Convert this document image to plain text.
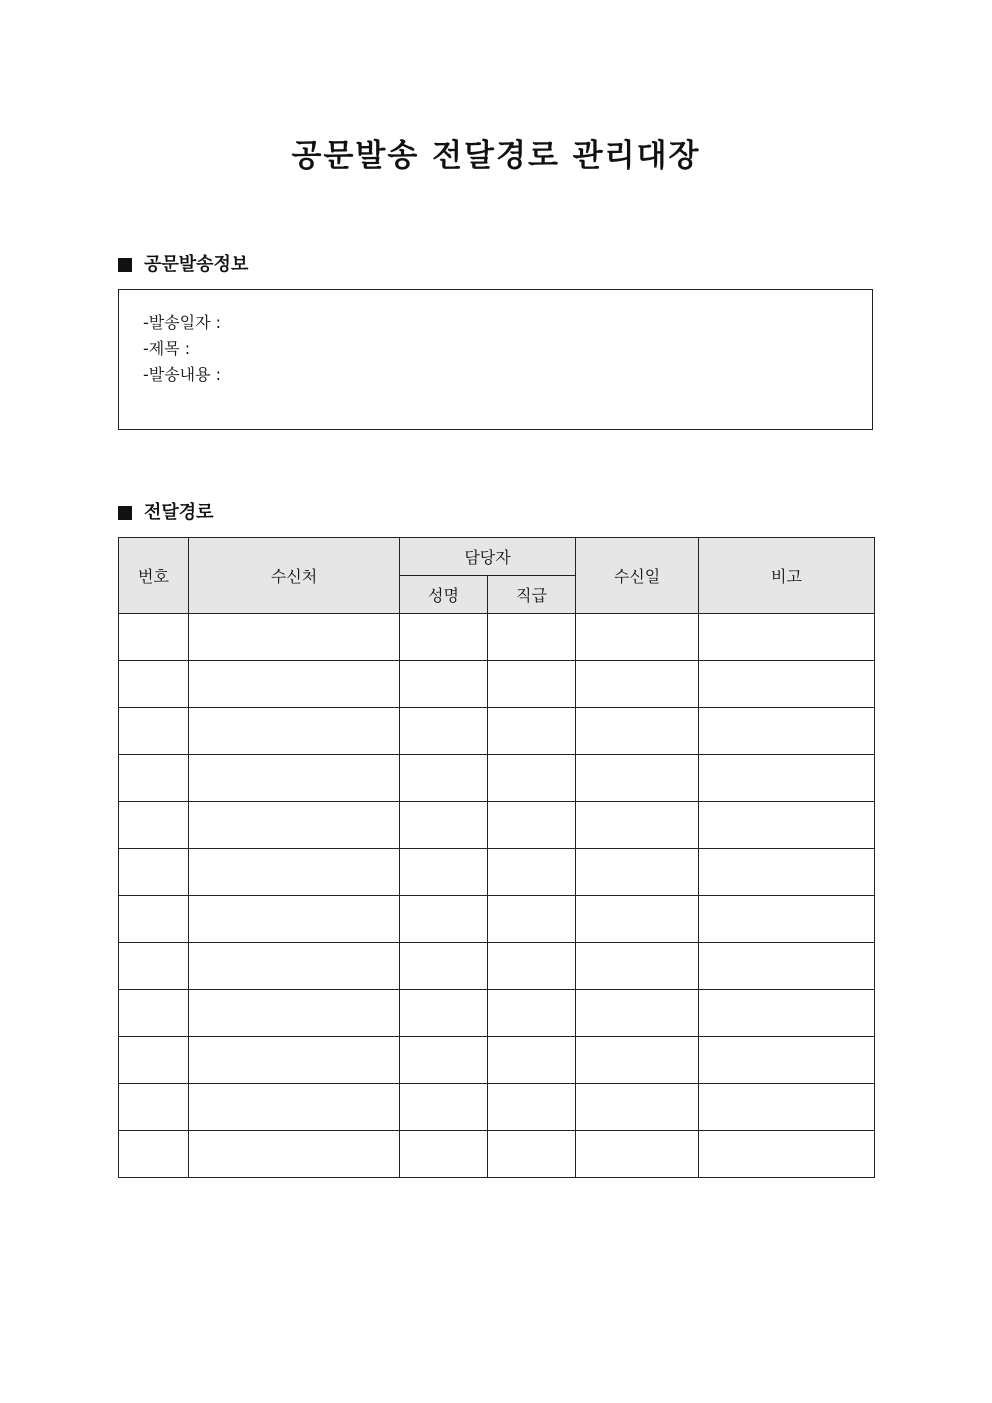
공문발송 전달경로 관리대장
공문발송정보
-발송일자 :
-제목 :
-발송내용 :
전달경로
번호	수신처	담당자		수신일	비고
		성명	직급		
